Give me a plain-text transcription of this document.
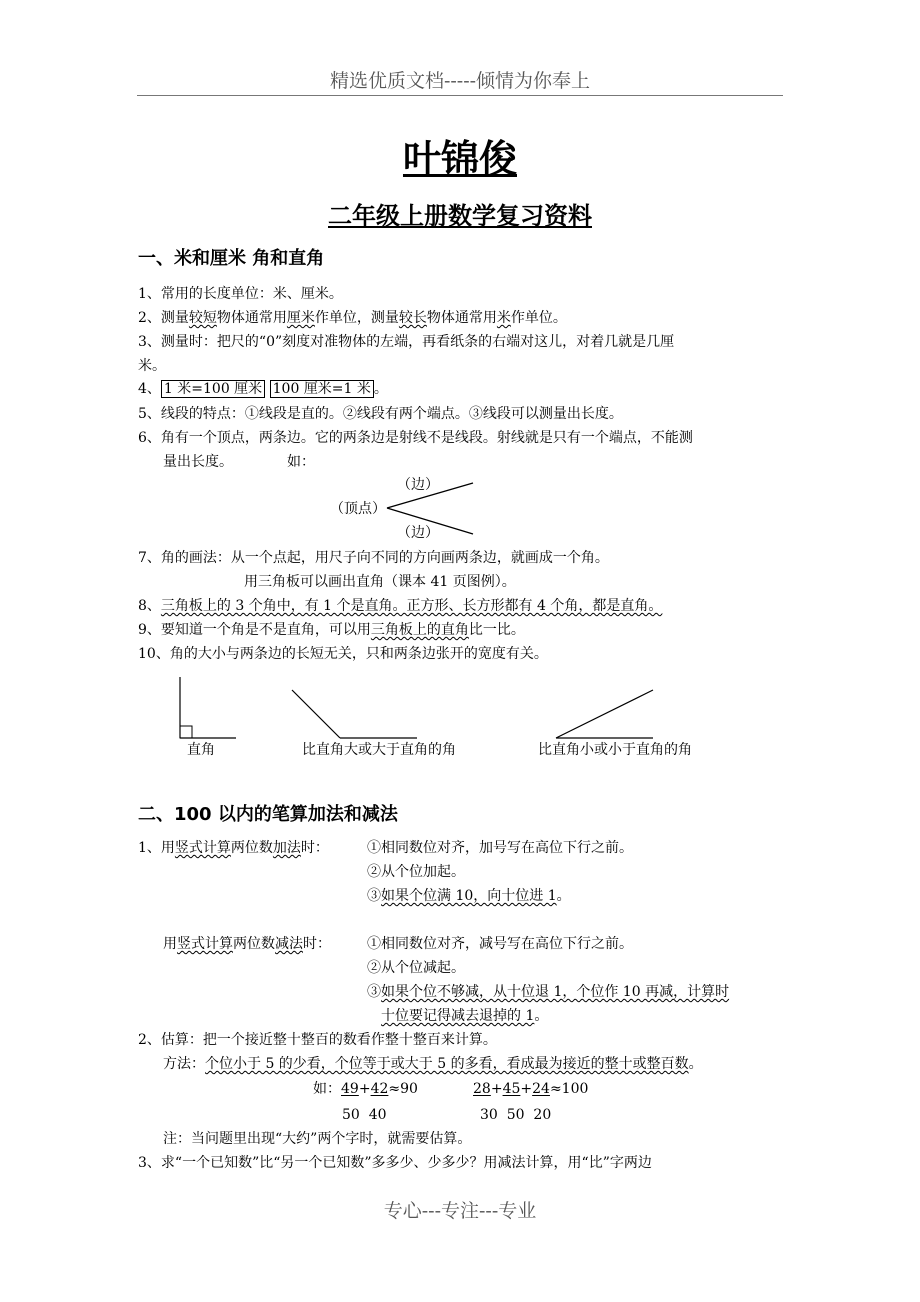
精选优质文档-----倾情为你奉上
叶锦俊
二年级上册数学复习资料
一、米和厘米 角和直角
1、常用的长度单位：米、厘米。
2、测量较短物体通常用厘米作单位，测量较长物体通常用米作单位。
3、测量时：把尺的“0”刻度对准物体的左端，再看纸条的右端对这儿，对着几就是几厘
米。
4、 1 米=100 厘米 100 厘米=1 米 。
5、线段的特点：①线段是直的。②线段有两个端点。③线段可以测量出长度。
6、角有一个顶点，两条边。它的两条边是射线不是线段。射线就是只有一个端点，不能测
量出长度。	如：
（边）
（顶点）
（边）
7、角的画法：从一个点起，用尺子向不同的方向画两条边，就画成一个角。
用三角板可以画出直角（课本 41 页图例）。
8、三角板上的 3 个角中，有 1 个是直角。正方形、长方形都有 4 个角，都是直角。
9、要知道一个角是不是直角，可以用三角板上的直角比一比。
10、角的大小与两条边的长短无关，只和两条边张开的宽度有关。
直角	比直角大或大于直角的角	比直角小或小于直角的角
二、100 以内的笔算加法和减法
1、用竖式计算两位数加法时：	①相同数位对齐，加号写在高位下行之前。
②从个位加起。
③如果个位满 10，向十位进 1。
用竖式计算两位数减法时：	①相同数位对齐，减号写在高位下行之前。
②从个位减起。
③如果个位不够减，从十位退 1，个位作 10 再减，计算时
十位要记得减去退掉的 1。
2、估算：把一个接近整十整百的数看作整十整百来计算。
方法：个位小于 5 的少看，个位等于或大于 5 的多看，看成最为接近的整十或整百数。
如：49+42≈90	28+45+24≈100
50  40	30  50  20
注：当问题里出现“大约”两个字时，就需要估算。
3、求“一个已知数”比“另一个已知数”多多少、少多少？用减法计算，用“比”字两边
专心---专注---专业
